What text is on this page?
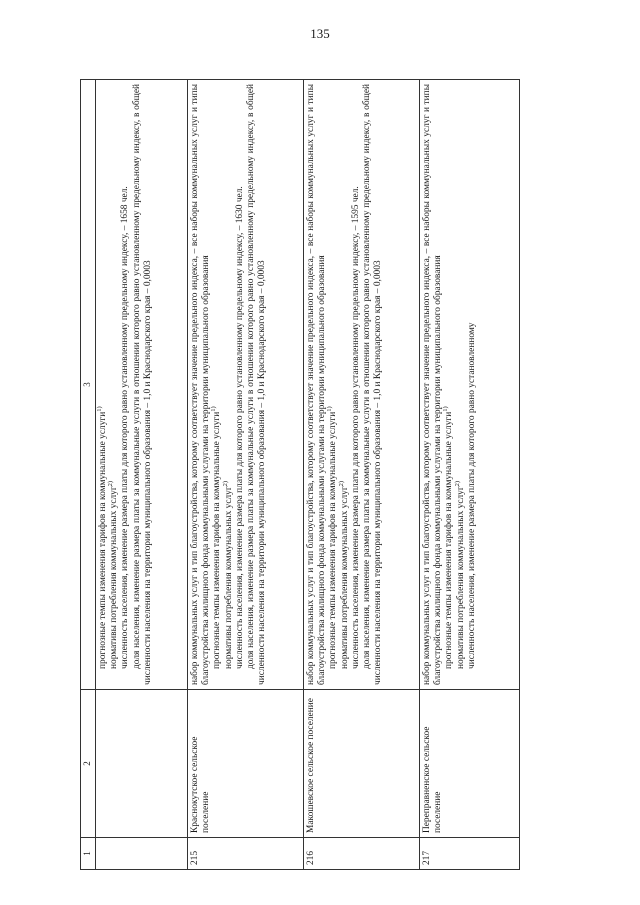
135
1	2	3

		прогнозные темпы изменения тарифов на коммунальные услуги$^{1)}$

нормативы потребления коммунальных услуг$^{2)}$ численность населения, изменение размера платы для которого равно установленному предельному индексу, – 1658 чел. доля населения, изменение размера платы за коммунальные услуги в отношении которого равно установленному предельному индексу, в общей численности населения на территории муниципального образования – 1,0 и Краснодарского края – 0,0003

215	Краснокутское сельское поселение	набор коммунальных услуг и тип благоустройства, которому соответствует значение предельного индекса, – все наборы коммунальных услуг и типы благоустройства жилищного фонда коммунальными услугами на территории муниципального образования прогнозные темпы изменения тарифов на коммунальные услуги$^{1)}$

нормативы потребления коммунальных услуг$^{2)}$ численность населения, изменение размера платы для которого равно установленному предельному индексу, – 1630 чел. доля населения, изменение размера платы за коммунальные услуги в отношении которого равно установленному предельному индексу, в общей численности населения на территории муниципального образования – 1,0 и Краснодарского края – 0,0003

216	Макошевское сельское поселение	набор коммунальных услуг и тип благоустройства, которому соответствует значение предельного индекса, – все наборы коммунальных услуг и типы благоустройства жилищного фонда коммунальными услугами на территории муниципального образования прогнозные темпы изменения тарифов на коммунальные услуги$^{1)}$

нормативы потребления коммунальных услуг$^{2)}$ численность населения, изменение размера платы для которого равно установленному предельному индексу, – 1595 чел. доля населения, изменение размера платы за коммунальные услуги в отношении которого равно установленному предельному индексу, в общей численности населения на территории муниципального образования – 1,0 и Краснодарского края – 0,0003

217	Переправненское сельское поселение	набор коммунальных услуг и тип благоустройства, которому соответствует значение предельного индекса, – все наборы коммунальных услуг и типы благоустройства жилищного фонда коммунальными услугами на территории муниципального образования прогнозные темпы изменения тарифов на коммунальные услуги$^{1)}$

нормативы потребления коммунальных услуг$^{2)}$ численность населения, изменение размера платы для которого равно установленному
